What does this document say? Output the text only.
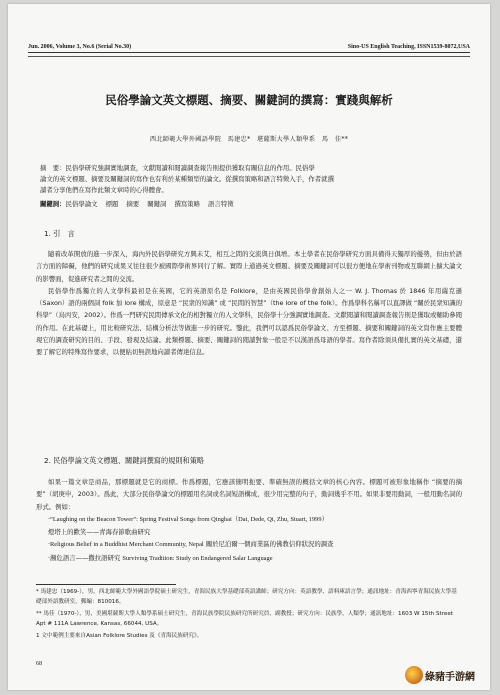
Jun. 2006, Volume 3, No.6 (Serial No.30)	Sino-US English Teaching, ISSN1539-8072,USA
民俗學論文英文標題、摘要、關鍵詞的撰寫：實踐與解析
西北師範大學外國語學院　馬建忠*　堪薩斯大學人類學系　馬　佳**
摘　要：民俗學研究強調實地調查，文獻閱讀和閱讀調查報告則提供獲取有關信息的作用。民俗學
論文的英文標題、摘要及關鍵詞的寫作也有利於某種類型的論文。從撰寫策略和語言特徵入手，作者就撰
讀者分享他們在寫作此類文章時的心得體會。
關鍵詞：民俗學論文 標題 摘要 關鍵詞 撰寫策略 語言特徵
1. 引　言

隨着改革開放的進一步深入，海內外民俗學研究方興未艾，相互之間的交流與日俱增。本土學者在民俗學研究方面具備得天獨厚的優勢，但由於語言方面的障礙，他們的研究成果又往往很少被國際學術界同行了解。實際上通過英文標題、摘要及關鍵詞可以很方便地在學術刊物或互聯網上擴大論文的影響面，促進研究者之間的交流。

民俗學作爲獨立的人文學科最初是在英國，它的英語原名是 Folklore，是由英國民俗學會創始人之一 W. J. Thomas 於 1846 年用薩克遜（Saxon）語的兩個詞 folk 加 lore 構成，原意是 “民衆的知識” 或 “民間的智慧”（the lore of the folk）。作爲學科名稱可以直譯做 “關於民衆知識的科學”（烏丙安，2002）。作爲一門研究民間傳承文化的相對獨立的人文學科，民俗學十分強調實地調查。文獻閱讀和閱讀調查報告則是獲取或輔助參閱的作用。在此基礎上，用比較研究法、結構分析法等做進一步的研究。鑒此，我們可以認爲民俗學論文、方至標題、摘要和關鍵詞的英文寫作應主要體現它的調查研究的目的、手段、發現及結論。此類標題、摘要、關鍵詞的閱讀對象一般是不以漢語爲母語的學者。寫作者除須具備扎實的英文基礎，還要了解它的特殊寫作要求，以便貼切無誤地向讀者傳達信息。

2. 民俗學論文英文標題、關鍵詞撰寫的規則和策略

如果一篇文章是商品，那標題就是它的商標。作爲標題，它應該簡明扼要、準確無誤的概括文章的核心內容。標題可被形象地稱作 “摘要的摘要”（胡庚申，2003）。爲此，大部分民俗學論文的標題用名詞或名詞短語構成，很少用完整的句子，動詞幾乎不用。如果非要用動詞，一般用動名詞的形式。例如：

·“Laughing on the Beacon Tower”: Spring Festival Songs from Qinghai（Dai, Dede, Qi, Zhu, Stuart, 1999）
燈塔上的歡笑——青海春節歌曲研究

·Religious Belief in a Buddhist Merchant Community, Nepal 關於尼泊爾一個商業區的佛教信仰狀況的調查

·瀕危語言——撒拉語研究 Surviving Tradition: Study on Endangered Salar Language

* 馬建忠（1969-），男，西北師範大學外國語學院碩士研究生，青海民族大學基礎部英語講師；研究方向：英語教學、語料庫語言學；通訊地址：青海西寧青海民族大學基礎部外語教研室，郵編：810016。

** 馬佳（1970-），男，美國堪薩斯大學人類學系碩士研究生，青海民族學院民族研究所研究員，副教授；研究方向：民族學，人類學；通訊地址：1603 W 15th Street Apt # 111A Lawrence, Kansas, 66044, USA。

1 文中範例主要來自Asian Folklore Studies 及《青海民族研究》。

68
綠豬手游網
